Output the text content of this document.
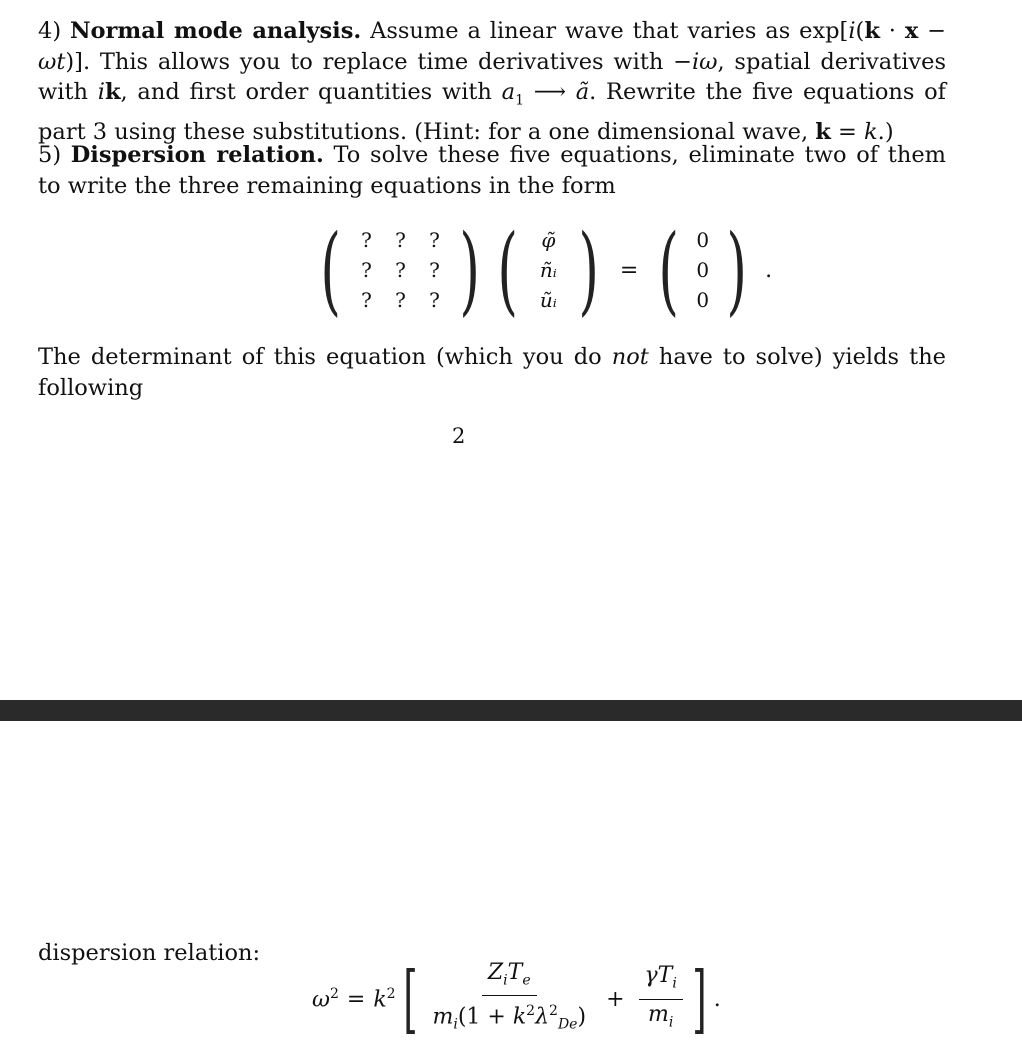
4) Normal mode analysis. Assume a linear wave that varies as exp[i(k · x − ωt)]. This allows you to replace time derivatives with −iω, spatial derivatives with ik, and first order quantities with $a_1$ ⟶ ã. Rewrite the five equations of part 3 using these substitutions. (Hint: for a one dimensional wave, k = k.)
5) Dispersion relation. To solve these five equations, eliminate two of them to write the three remaining equations in the form
(	?	?	?
?	?	?
?	?	? ) (	φ̃
ñᵢ
ũᵢ ) = ( 0
0
0 ) .
The determinant of this equation (which you do not have to solve) yields the following
2
dispersion relation:
$\omega^2 = k^2$ [ $\frac{Z_iT_e}{m_i(1 + k^2\lambda^2_{De})} + \frac{\gamma T_i}{m_i}$ ] .
